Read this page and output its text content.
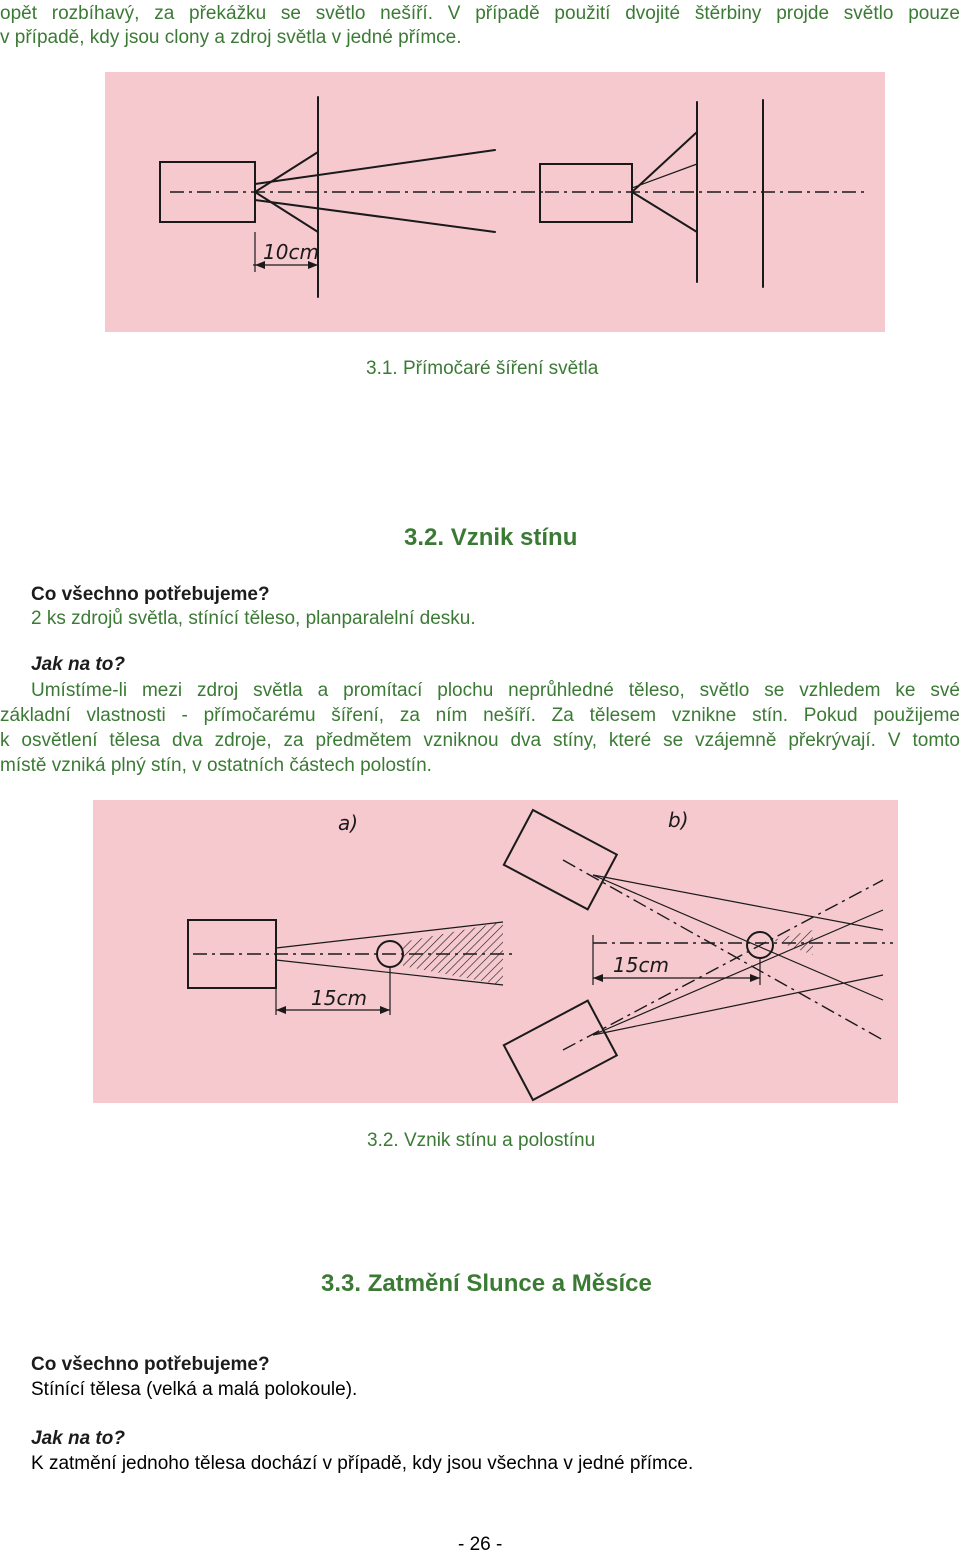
opět rozbíhavý, za překážku se světlo nešíří. V případě použití dvojité štěrbiny projde světlo pouze
v případě, kdy jsou clony a zdroj světla v jedné přímce.
10cm
3.1. Přímočaré šíření světla
3.2. Vznik stínu
Co všechno potřebujeme?
2 ks zdrojů světla, stínící těleso, planparalelní desku.
Jak na to?
Umístíme-li mezi zdroj světla a promítací plochu neprůhledné těleso, světlo se vzhledem ke své
základní vlastnosti - přímočarému šíření, za ním nešíří. Za tělesem vznikne stín. Pokud použijeme
k osvětlení tělesa dva zdroje, za předmětem vzniknou dva stíny, které se vzájemně překrývají. V tomto
místě vzniká plný stín, v ostatních částech polostín.
a)	b)
15cm
15cm
3.2. Vznik stínu a polostínu
3.3. Zatmění Slunce a Měsíce
Co všechno potřebujeme?
Stínící tělesa (velká a malá polokoule).
Jak na to?
K zatmění jednoho tělesa dochází v případě, kdy jsou všechna v jedné přímce.
- 26 -
